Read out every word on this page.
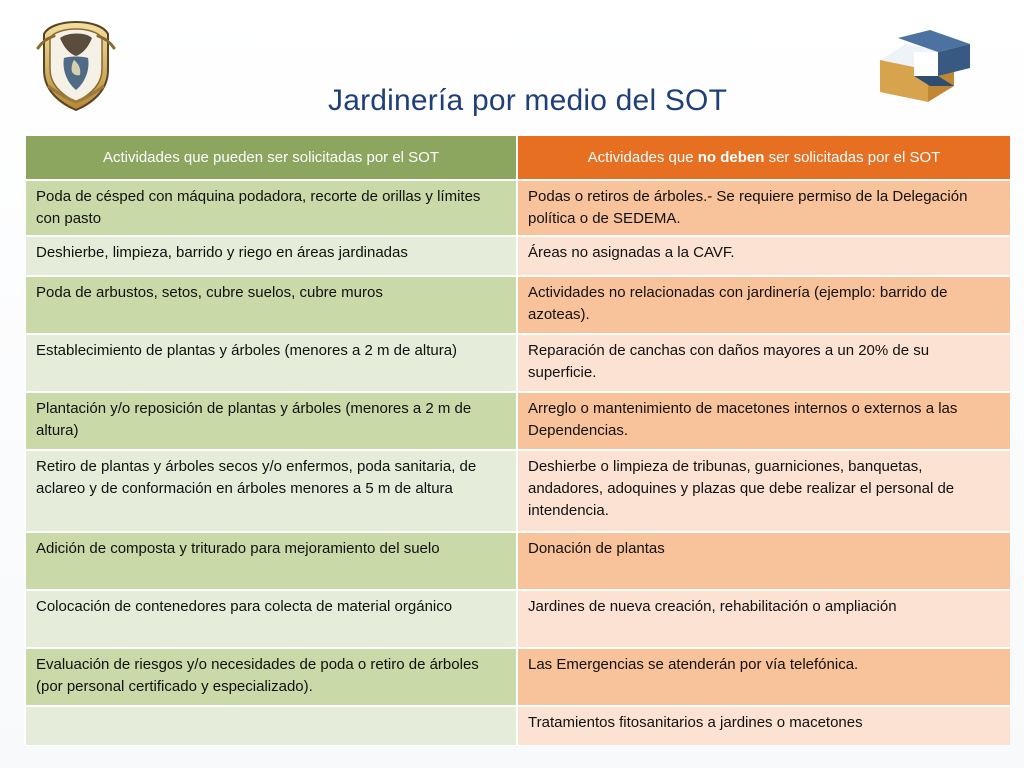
Jardinería por medio del SOT
Actividades que pueden ser solicitadas por el SOT	Actividades que no deben ser solicitadas por el SOT
Poda de césped con máquina podadora, recorte de orillas y límites con pasto	Podas o retiros de árboles.- Se requiere permiso de la Delegación política o de SEDEMA.
Deshierbe, limpieza, barrido y riego en áreas jardinadas	Áreas no asignadas a la CAVF.
Poda de arbustos, setos, cubre suelos, cubre muros	Actividades no relacionadas con jardinería (ejemplo: barrido de azoteas).
Establecimiento de plantas y árboles (menores a 2 m de altura)	Reparación de canchas con daños mayores a un 20% de su superficie.
Plantación y/o reposición de plantas y árboles (menores a 2 m de altura)	Arreglo o mantenimiento de macetones internos o externos a las Dependencias.
Retiro de plantas y árboles secos y/o enfermos, poda sanitaria, de aclareo y de conformación en árboles menores a 5 m de altura	Deshierbe o limpieza de tribunas, guarniciones, banquetas, andadores, adoquines y plazas que debe realizar el personal de intendencia.
Adición de composta y triturado para mejoramiento del suelo	Donación de plantas
Colocación de contenedores para colecta de material orgánico	Jardines de nueva creación, rehabilitación o ampliación
Evaluación de riesgos y/o necesidades de poda o retiro de árboles (por personal certificado y especializado).	Las Emergencias se atenderán por vía telefónica.

	Tratamientos fitosanitarios a jardines o macetones
